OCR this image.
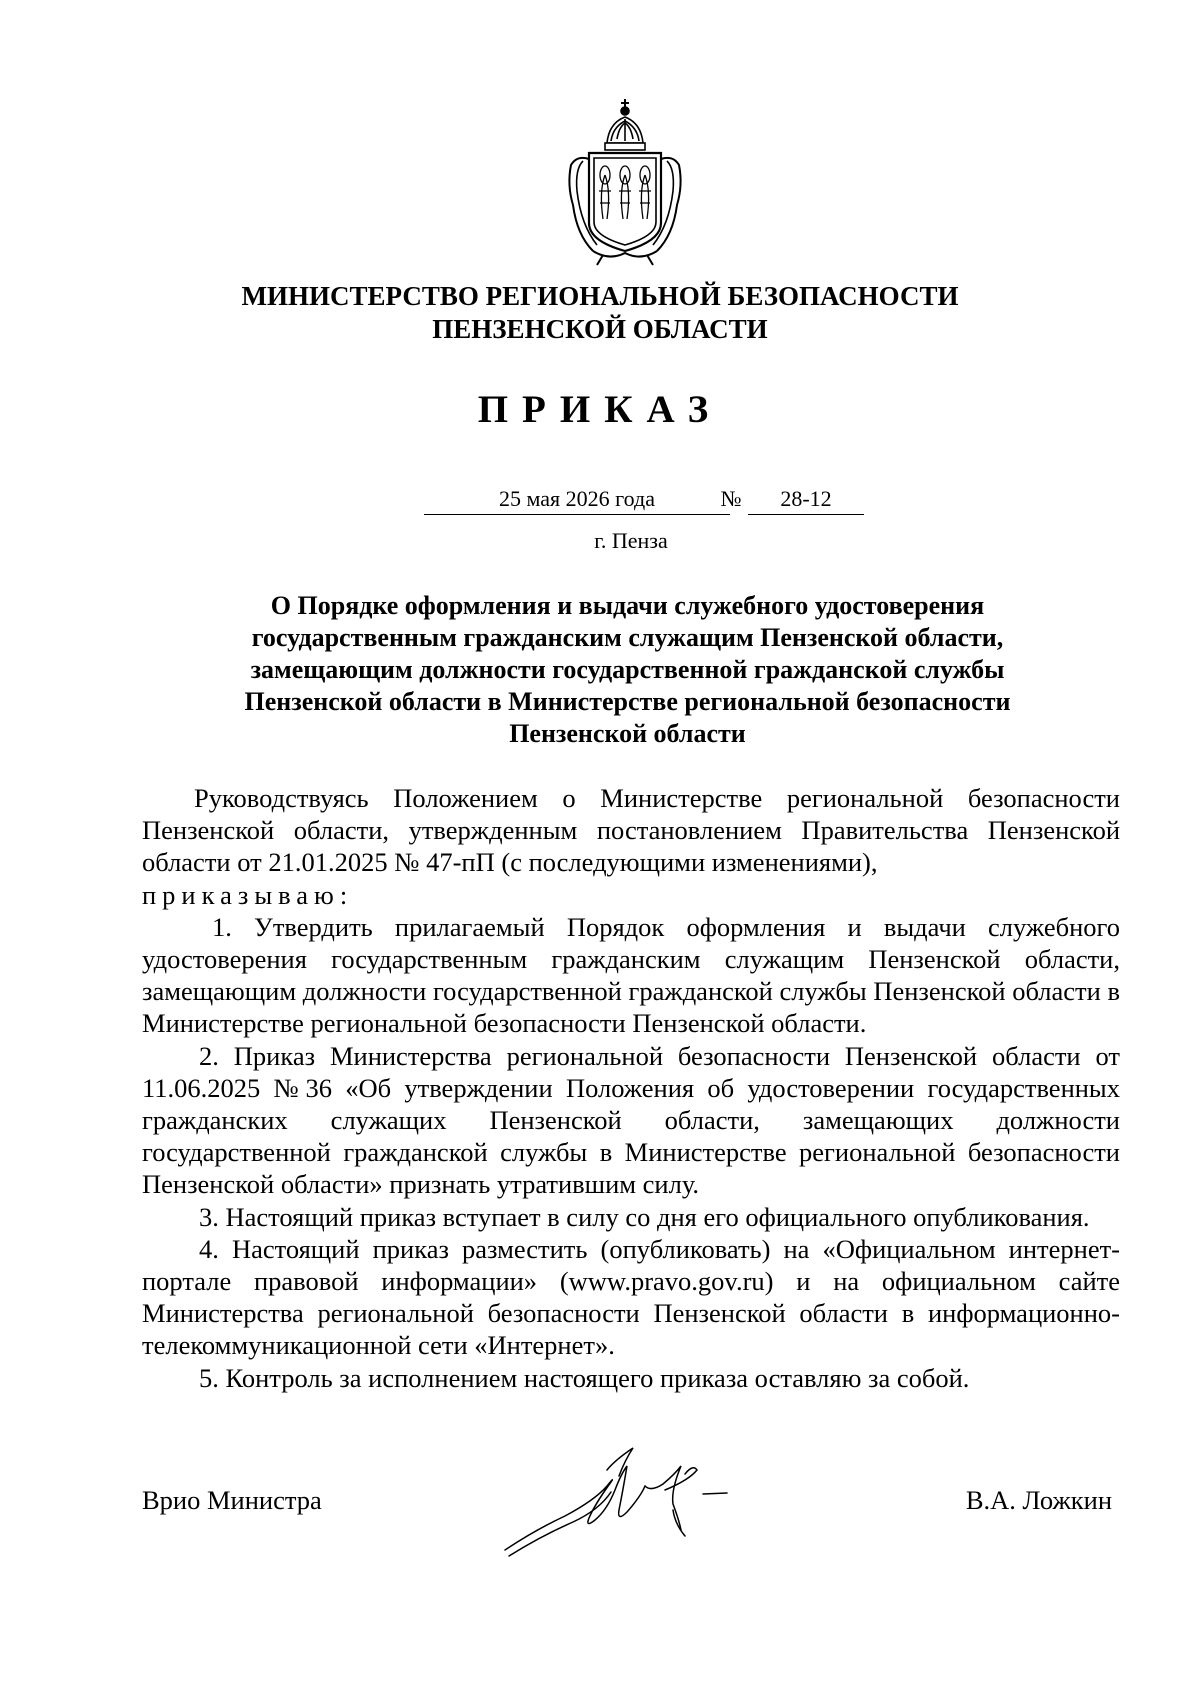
МИНИСТЕРСТВО РЕГИОНАЛЬНОЙ БЕЗОПАСНОСТИ
ПЕНЗЕНСКОЙ ОБЛАСТИ
ПРИКАЗ
25 мая 2026 года	№	28-12
г. Пенза
О Порядке оформления и выдачи служебного удостоверения государственным гражданским служащим Пензенской области, замещающим должности государственной гражданской службы Пензенской области в Министерстве региональной безопасности Пензенской области

Руководствуясь Положением о Министерстве региональной безопасности Пензенской области, утвержденным постановлением Правительства Пензенской области от 21.01.2025 № 47-пП (с последующими изменениями),

приказываю:

1. Утвердить прилагаемый Порядок оформления и выдачи служебного удостоверения государственным гражданским служащим Пензенской области, замещающим должности государственной гражданской службы Пензенской области в Министерстве региональной безопасности Пензенской области.

2. Приказ Министерства региональной безопасности Пензенской области от 11.06.2025 №36 «Об утверждении Положения об удостоверении государственных гражданских служащих Пензенской области, замещающих должности государственной гражданской службы в Министерстве региональной безопасности Пензенской области» признать утратившим силу.

3. Настоящий приказ вступает в силу со дня его официального опубликования.

4. Настоящий приказ разместить (опубликовать) на «Официальном интернет-портале правовой информации» (www.pravo.gov.ru) и на официальном сайте Министерства региональной безопасности Пензенской области в информационно-телекоммуникационной сети «Интернет».

5. Контроль за исполнением настоящего приказа оставляю за собой.

Врио Министра	В.А. Ложкин
